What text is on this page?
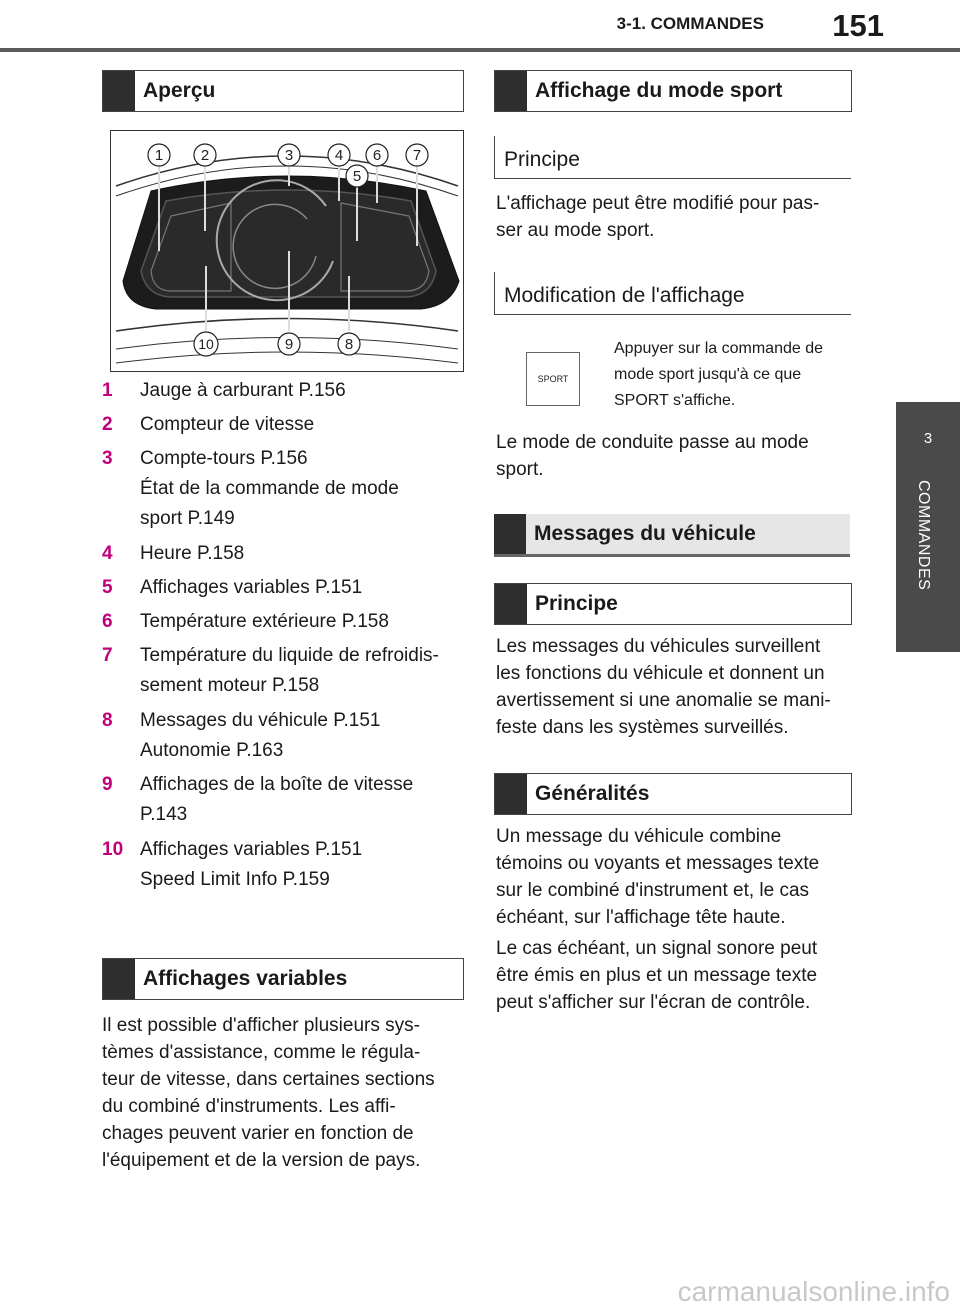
3-1. COMMANDES 151
3
COMMANDES
Aperçu
1	2	3	4
5
6 7
8
9
10
1	Jauge à carburant P.156
2	Compteur de vitesse
3	Compte-tours P.156
État de la commande de mode
sport P.149
4	Heure P.158
5	Affichages variables P.151
6	Température extérieure P.158
7	Température du liquide de refroidis-
sement moteur P.158
8	Messages du véhicule P.151
Autonomie P.163
9	Affichages de la boîte de vitesse
P.143
10 Affichages variables P.151
Speed Limit Info P.159
Affichages variables
Il est possible d'afficher plusieurs sys-
tèmes d'assistance, comme le régula-
teur de vitesse, dans certaines sections
du combiné d'instruments. Les affi-
chages peuvent varier en fonction de
l'équipement et de la version de pays.
Affichage du mode sport
Principe
L'affichage peut être modifié pour pas-
ser au mode sport.
Modification de l'affichage
SPORT
Appuyer sur la commande de
mode sport jusqu'à ce que
SPORT s'affiche.
Le mode de conduite passe au mode
sport.
Messages du véhicule
Principe
Les messages du véhicules surveillent
les fonctions du véhicule et donnent un
avertissement si une anomalie se mani-
feste dans les systèmes surveillés.
Généralités
Un message du véhicule combine
témoins ou voyants et messages texte
sur le combiné d'instrument et, le cas
échéant, sur l'affichage tête haute.
Le cas échéant, un signal sonore peut
être émis en plus et un message texte
peut s'afficher sur l'écran de contrôle.
carmanualsonline.info
